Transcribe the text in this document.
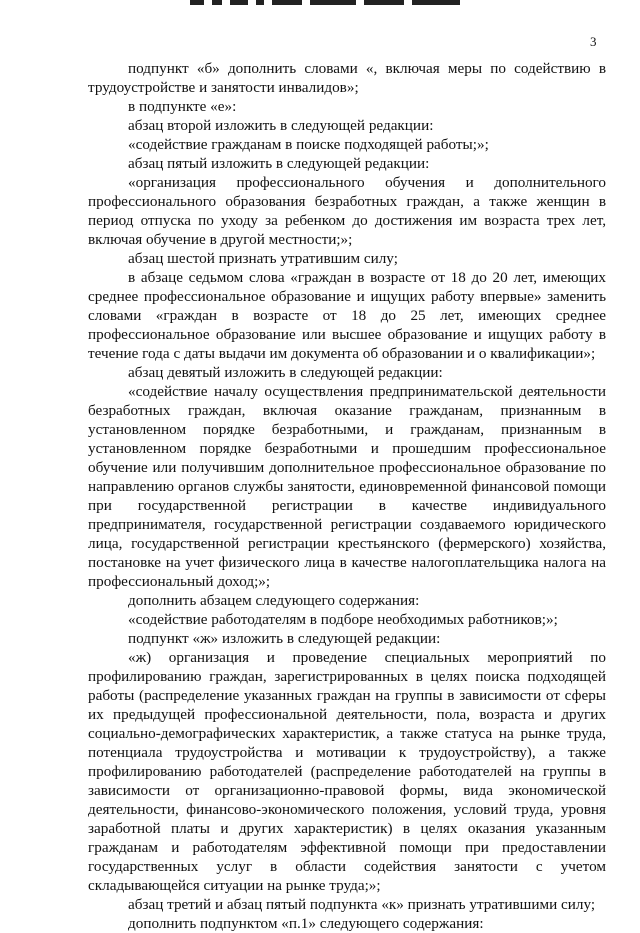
3

подпункт «б» дополнить словами «, включая меры по содействию в трудоустройстве и занятости инвалидов»;

в подпункте «е»:

абзац второй изложить в следующей редакции:

«содействие гражданам в поиске подходящей работы;»;

абзац пятый изложить в следующей редакции:

«организация профессионального обучения и дополнительного профессионального образования безработных граждан, а также женщин в период отпуска по уходу за ребенком до достижения им возраста трех лет, включая обучение в другой местности;»;

абзац шестой признать утратившим силу;

в абзаце седьмом слова «граждан в возрасте от 18 до 20 лет, имеющих среднее профессиональное образование и ищущих работу впервые» заменить словами «граждан в возрасте от 18 до 25 лет, имеющих среднее профессиональное образование или высшее образование и ищущих работу в течение года с даты выдачи им документа об образовании и о квалификации»;

абзац девятый изложить в следующей редакции:

«содействие началу осуществления предпринимательской деятельности безработных граждан, включая оказание гражданам, признанным в установленном порядке безработными, и гражданам, признанным в установленном порядке безработными и прошедшим профессиональное обучение или получившим дополнительное профессиональное образование по направлению органов службы занятости, единовременной финансовой помощи при государственной регистрации в качестве индивидуального предпринимателя, государственной регистрации создаваемого юридического лица, государственной регистрации крестьянского (фермерского) хозяйства, постановке на учет физического лица в качестве налогоплательщика налога на профессиональный доход;»;

дополнить абзацем следующего содержания:

«содействие работодателям в подборе необходимых работников;»;

подпункт «ж» изложить в следующей редакции:

«ж) организация и проведение специальных мероприятий по профилированию граждан, зарегистрированных в целях поиска подходящей работы (распределение указанных граждан на группы в зависимости от сферы их предыдущей профессиональной деятельности, пола, возраста и других социально-демографических характеристик, а также статуса на рынке труда, потенциала трудоустройства и мотивации к трудоустройству), а также профилированию работодателей (распределение работодателей на группы в зависимости от организационно-правовой формы, вида экономической деятельности, финансово-экономического положения, условий труда, уровня заработной платы и других характеристик) в целях оказания указанным гражданам и работодателям эффективной помощи при предоставлении государственных услуг в области содействия занятости с учетом складывающейся ситуации на рынке труда;»;

абзац третий и абзац пятый подпункта «к» признать утратившими силу;

дополнить подпунктом «п.1» следующего содержания:
